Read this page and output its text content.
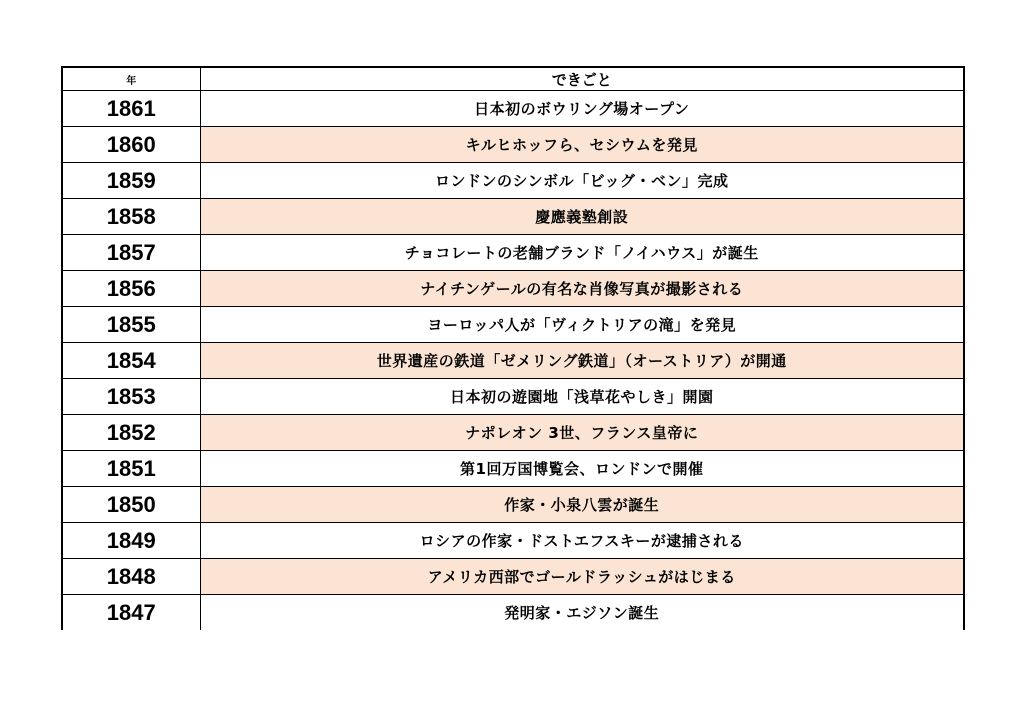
年	できごと
1861	日本初のボウリング場オープン
1860	キルヒホッフら、セシウムを発見
1859	ロンドンのシンボル「ビッグ・ベン」完成
1858	慶應義塾創設
1857	チョコレートの老舗ブランド「ノイハウス」が誕生
1856	ナイチンゲールの有名な肖像写真が撮影される
1855	ヨーロッパ人が「ヴィクトリアの滝」を発見
1854	世界遺産の鉄道「ゼメリング鉄道」（オーストリア）が開通
1853	日本初の遊園地「浅草花やしき」開園
1852	ナポレオン 3世、フランス皇帝に
1851	第1回万国博覧会、ロンドンで開催
1850	作家・小泉八雲が誕生
1849	ロシアの作家・ドストエフスキーが逮捕される
1848	アメリカ西部でゴールドラッシュがはじまる
1847	発明家・エジソン誕生
